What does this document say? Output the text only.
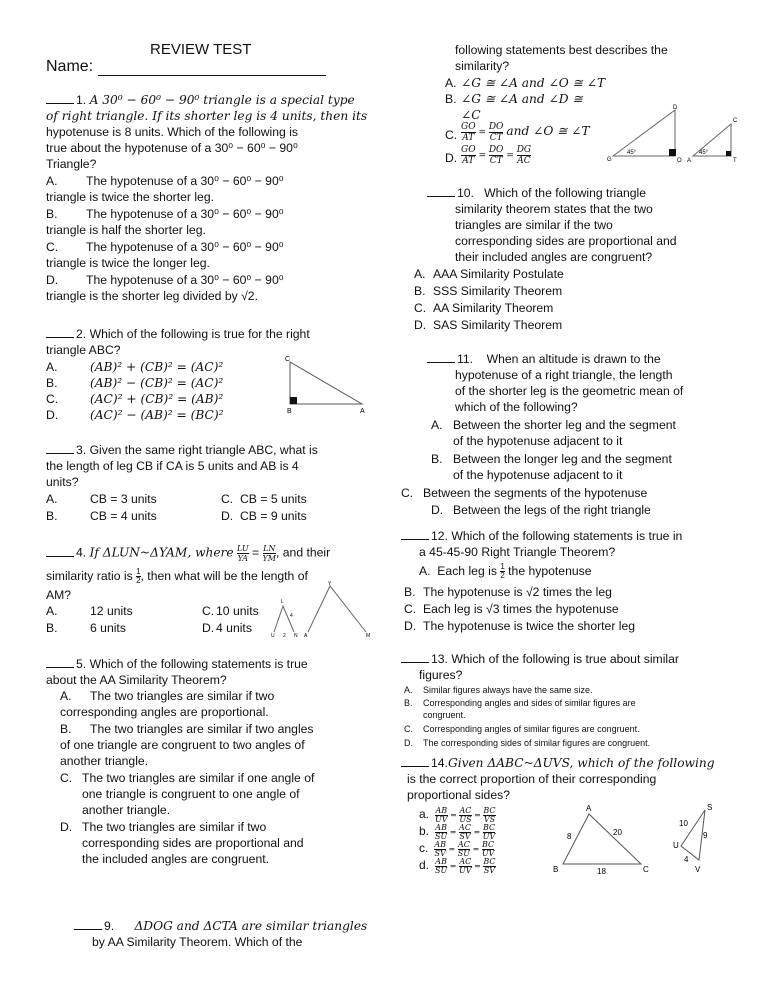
REVIEW TEST
Name:
1. A 30⁰ − 60⁰ − 90⁰ triangle is a special type
of right triangle. If its shorter leg is 4 units, then its
hypotenuse is 8 units. Which of the following is
true about the hypotenuse of a 30⁰ − 60⁰ − 90⁰
Triangle?
A. The hypotenuse of a 30⁰ − 60⁰ − 90⁰
triangle is twice the shorter leg.
B. The hypotenuse of a 30⁰ − 60⁰ − 90⁰
triangle is half the shorter leg.
C. The hypotenuse of a 30⁰ − 60⁰ − 90⁰
triangle is twice the longer leg.
D. The hypotenuse of a 30⁰ − 60⁰ − 90⁰
triangle is the shorter leg divided by √2.
2. Which of the following is true for the right
triangle ABC?
A.	(AB)² + (CB)² = (AC)²
B.	(AB)² − (CB)² = (AC)²
C.	(AC)² + (CB)² = (AB)²
D.	(AC)² − (AB)² = (BC)²
C
B	A
3. Given the same right triangle ABC, what is
the length of leg CB if CA is 5 units and AB is 4
units?
A.	CB = 3 units	C. CB = 5 units
B.	CB = 4 units	D. CB = 9 units
4. If ΔLUN~ΔYAM, where $\frac{LU}{YA} = \frac{LN}{YM}$ , and their
similarity ratio is $\frac{1}{2}$ , then what will be the length of
AM?
A.	12 units	C. 10 units
B.	6 units	D. 4 units
L
U	N
2
4
Y
A	M
5. Which of the following statements is true
about the AA Similarity Theorem?
A. The two triangles are similar if two
corresponding angles are proportional.
B. The two triangles are similar if two angles
of one triangle are congruent to two angles of
another triangle.
C. The two triangles are similar if one angle of
one triangle is congruent to one angle of
another triangle.
D. The two triangles are similar if two
corresponding sides are proportional and
the included angles are congruent.
9. ΔDOG and ΔCTA are similar triangles
by AA Similarity Theorem. Which of the
following statements best describes the
similarity?
A. ∠G ≅ ∠A and ∠O ≅ ∠T
B. ∠G ≅ ∠A and ∠D ≅
∠C
C. $\frac{GO}{AT} = \frac{DO}{CT}$ and ∠O ≅ ∠T
D. $\frac{GO}{AT} = \frac{DO}{CT} = \frac{DG}{AC}$
D
G
45°
O
C
A
45°
T
10. Which of the following triangle
similarity theorem states that the two
triangles are similar if the two
corresponding sides are proportional and
their included angles are congruent?
A. AAA Similarity Postulate
B. SSS Similarity Theorem
C. AA Similarity Theorem
D. SAS Similarity Theorem
11. When an altitude is drawn to the
hypotenuse of a right triangle, the length
of the shorter leg is the geometric mean of
which of the following?
A. Between the shorter leg and the segment
of the hypotenuse adjacent to it
B. Between the longer leg and the segment
of the hypotenuse adjacent to it
C. Between the segments of the hypotenuse
D. Between the legs of the right triangle
12. Which of the following statements is true in
a 45-45-90 Right Triangle Theorem?
A. Each leg is $\frac{1}{2}$ the hypotenuse
B. The hypotenuse is √2 times the leg
C. Each leg is √3 times the hypotenuse
D. The hypotenuse is twice the shorter leg
13. Which of the following is true about similar
figures?
A. Similar figures always have the same size.
B. Corresponding angles and sides of similar figures are
congruent.
C. Corresponding angles of similar figures are congruent.
D. The corresponding sides of similar figures are congruent.
14.Given ΔABC~ΔUVS, which of the following
is the correct proportion of their corresponding
proportional sides?
a. $\frac{AB}{UV} = \frac{AC}{US} = \frac{BC}{VS}$
b. $\frac{AB}{SU} = \frac{AC}{SV} = \frac{BC}{UV}$
c. $\frac{AB}{SV} = \frac{AC}{SU} = \frac{BC}{UV}$
d. $\frac{AB}{SU} = \frac{AC}{UV} = \frac{BC}{SV}$
A
B	C
8	20
18
S
U
V
10
9
4
